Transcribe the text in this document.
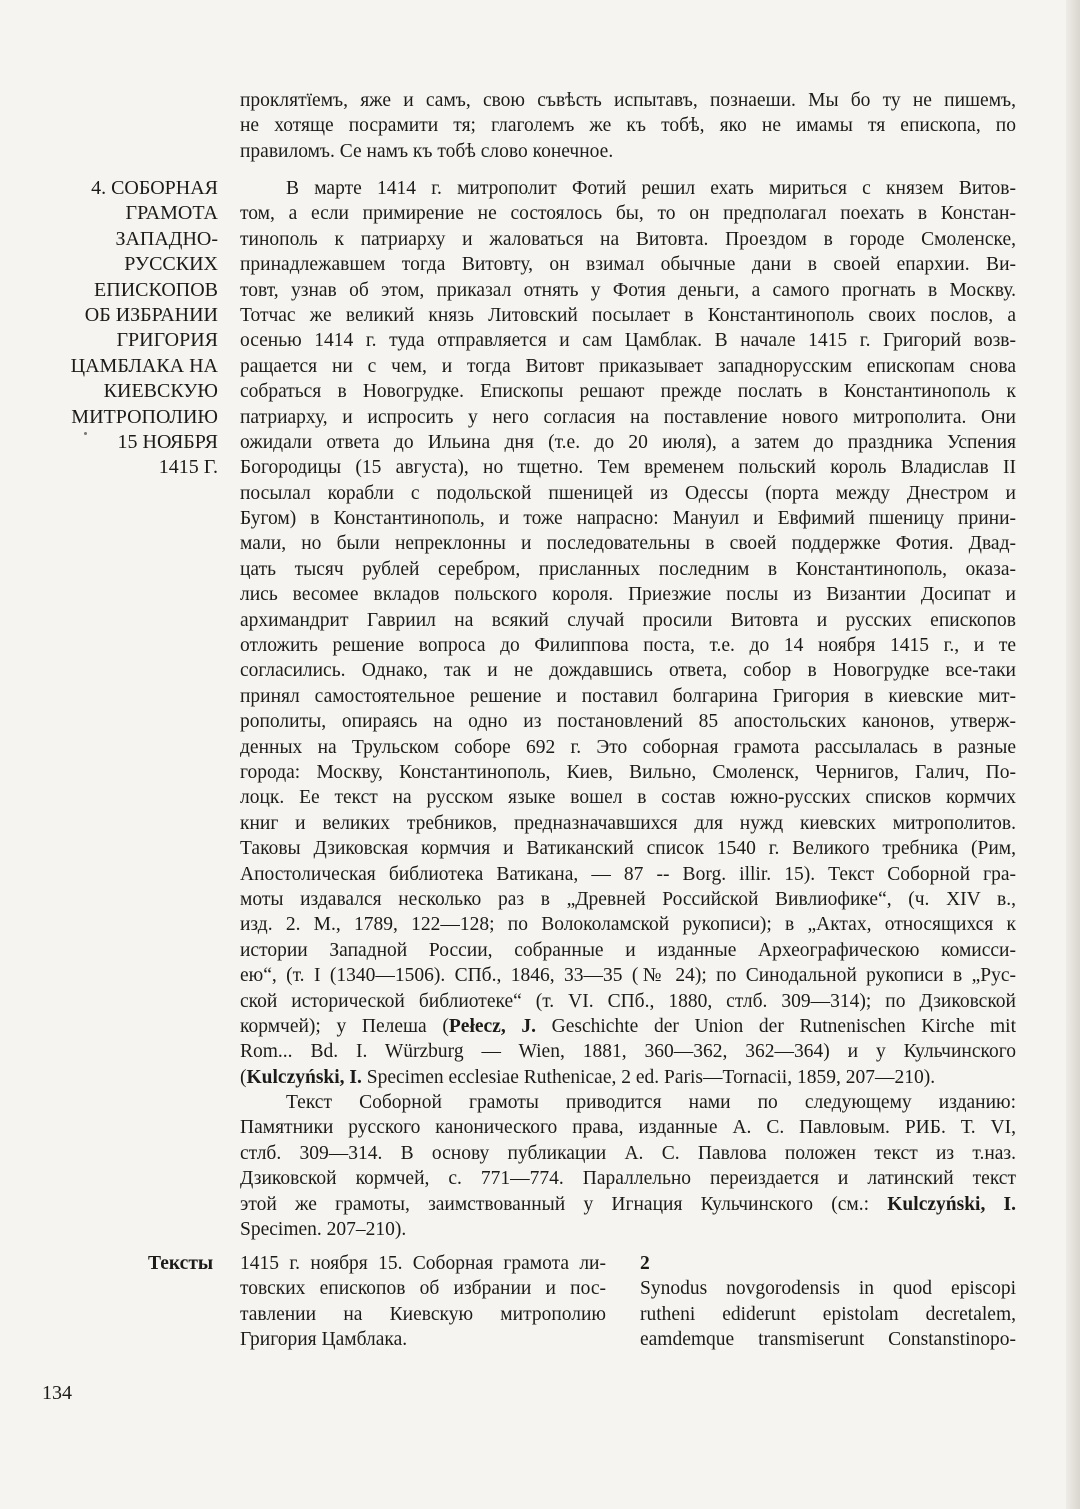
проклятїемъ, яже и самъ, свою съвѣсть испытавъ, познаеши. Мы бо ту не пишемъ,
не хотяще посрамити тя; глаголемъ же къ тобѣ, яко не имамы тя епископа, по
правиломъ. Се намъ къ тобѣ слово конечное.
4. СОБОРНАЯ
ГРАМОТА
ЗАПАДНО-
РУССКИХ
ЕПИСКОПОВ
ОБ ИЗБРАНИИ
ГРИГОРИЯ
ЦАМБЛАКА НА
КИЕВСКУЮ
МИТРОПОЛИЮ
15 НОЯБРЯ
1415 Г.
В марте 1414 г. митрополит Фотий решил ехать мириться с князем Витов-
том, а если примирение не состоялось бы, то он предполагал поехать в Констан-
тинополь к патриарху и жаловаться на Витовта. Проездом в городе Смоленске,
принадлежавшем тогда Витовту, он взимал обычные дани в своей епархии. Ви-
товт, узнав об этом, приказал отнять у Фотия деньги, а самого прогнать в Москву.
Тотчас же великий князь Литовский посылает в Константинополь своих послов, а
осенью 1414 г. туда отправляется и сам Цамблак. В начале 1415 г. Григорий возв-
ращается ни с чем, и тогда Витовт приказывает западнорусским епископам снова
собраться в Новогрудке. Епископы решают прежде послать в Константинополь к
патриарху, и испросить у него согласия на поставление нового митрополита. Они
ожидали ответа до Ильина дня (т.е. до 20 июля), а затем до праздника Успения
Богородицы (15 августа), но тщетно. Тем временем польский король Владислав II
посылал корабли с подольской пшеницей из Одессы (порта между Днестром и
Бугом) в Константинополь, и тоже напрасно: Мануил и Евфимий пшеницу прини-
мали, но были непреклонны и последовательны в своей поддержке Фотия. Двад-
цать тысяч рублей серебром, присланных последним в Константинополь, оказа-
лись весомее вкладов польского короля. Приезжие послы из Византии Досипат и
архимандрит Гавриил на всякий случай просили Витовта и русских епископов
отложить решение вопроса до Филиппова поста, т.е. до 14 ноября 1415 г., и те
согласились. Однако, так и не дождавшись ответа, собор в Новогрудке все-таки
принял самостоятельное решение и поставил болгарина Григория в киевские мит-
рополиты, опираясь на одно из постановлений 85 апостольских канонов, утверж-
денных на Трульском соборе 692 г. Это соборная грамота рассылалась в разные
города: Москву, Константинополь, Киев, Вильно, Смоленск, Чернигов, Галич, По-
лоцк. Ее текст на русском языке вошел в состав южно-русских списков кормчих
книг и великих требников, предназначавшихся для нужд киевских митрополитов.
Таковы Дзиковская кормчия и Ватиканский список 1540 г. Великого требника (Рим,
Апостолическая библиотека Ватикана, — 87 -- Borg. illir. 15). Текст Соборной гра-
моты издавался несколько раз в „Древней Российской Вивлиофике“, (ч. XIV в.,
изд. 2. М., 1789, 122—128; по Волоколамской рукописи); в „Актах, относящихся к
истории Западной России, собранные и изданные Археографическою комисси-
ею“, (т. I (1340—1506). СПб., 1846, 33—35 (№ 24); по Синодальной рукописи в „Рус-
ской исторической библиотеке“ (т. VI. СПб., 1880, стлб. 309—314); по Дзиковской
кормчей); у Пелеша (Pełecz, J. Geschichte der Union der Rutnenischen Kirche mit
Rom... Bd. I. Würzburg — Wien, 1881, 360—362, 362—364) и у Кульчинского
(Kulczyński, I. Specimen ecclesiae Ruthenicae, 2 ed. Paris—Tornacii, 1859, 207—210).
Текст Соборной грамоты приводится нами по следующему изданию:
Памятники русского канонического права, изданные А. С. Павловым. РИБ. Т. VI,
стлб. 309—314. В основу публикации А. С. Павлова положен текст из т.наз.
Дзиковской кормчей, с. 771—774. Параллельно переиздается и латинский текст
этой же грамоты, заимствованный у Игнация Кульчинского (см.: Kulczyński, I.
Specimen. 207–210).
Тексты 1415 г. ноября 15. Соборная грамота ли-
товских епископов об избрании и пос-
тавлении на Киевскую митрополию
Григория Цамблака.
2
Synodus novgorodensis in quod episcopi
rutheni ediderunt epistolam decretalem,
eamdemque transmiserunt Constanstinopo-
134
